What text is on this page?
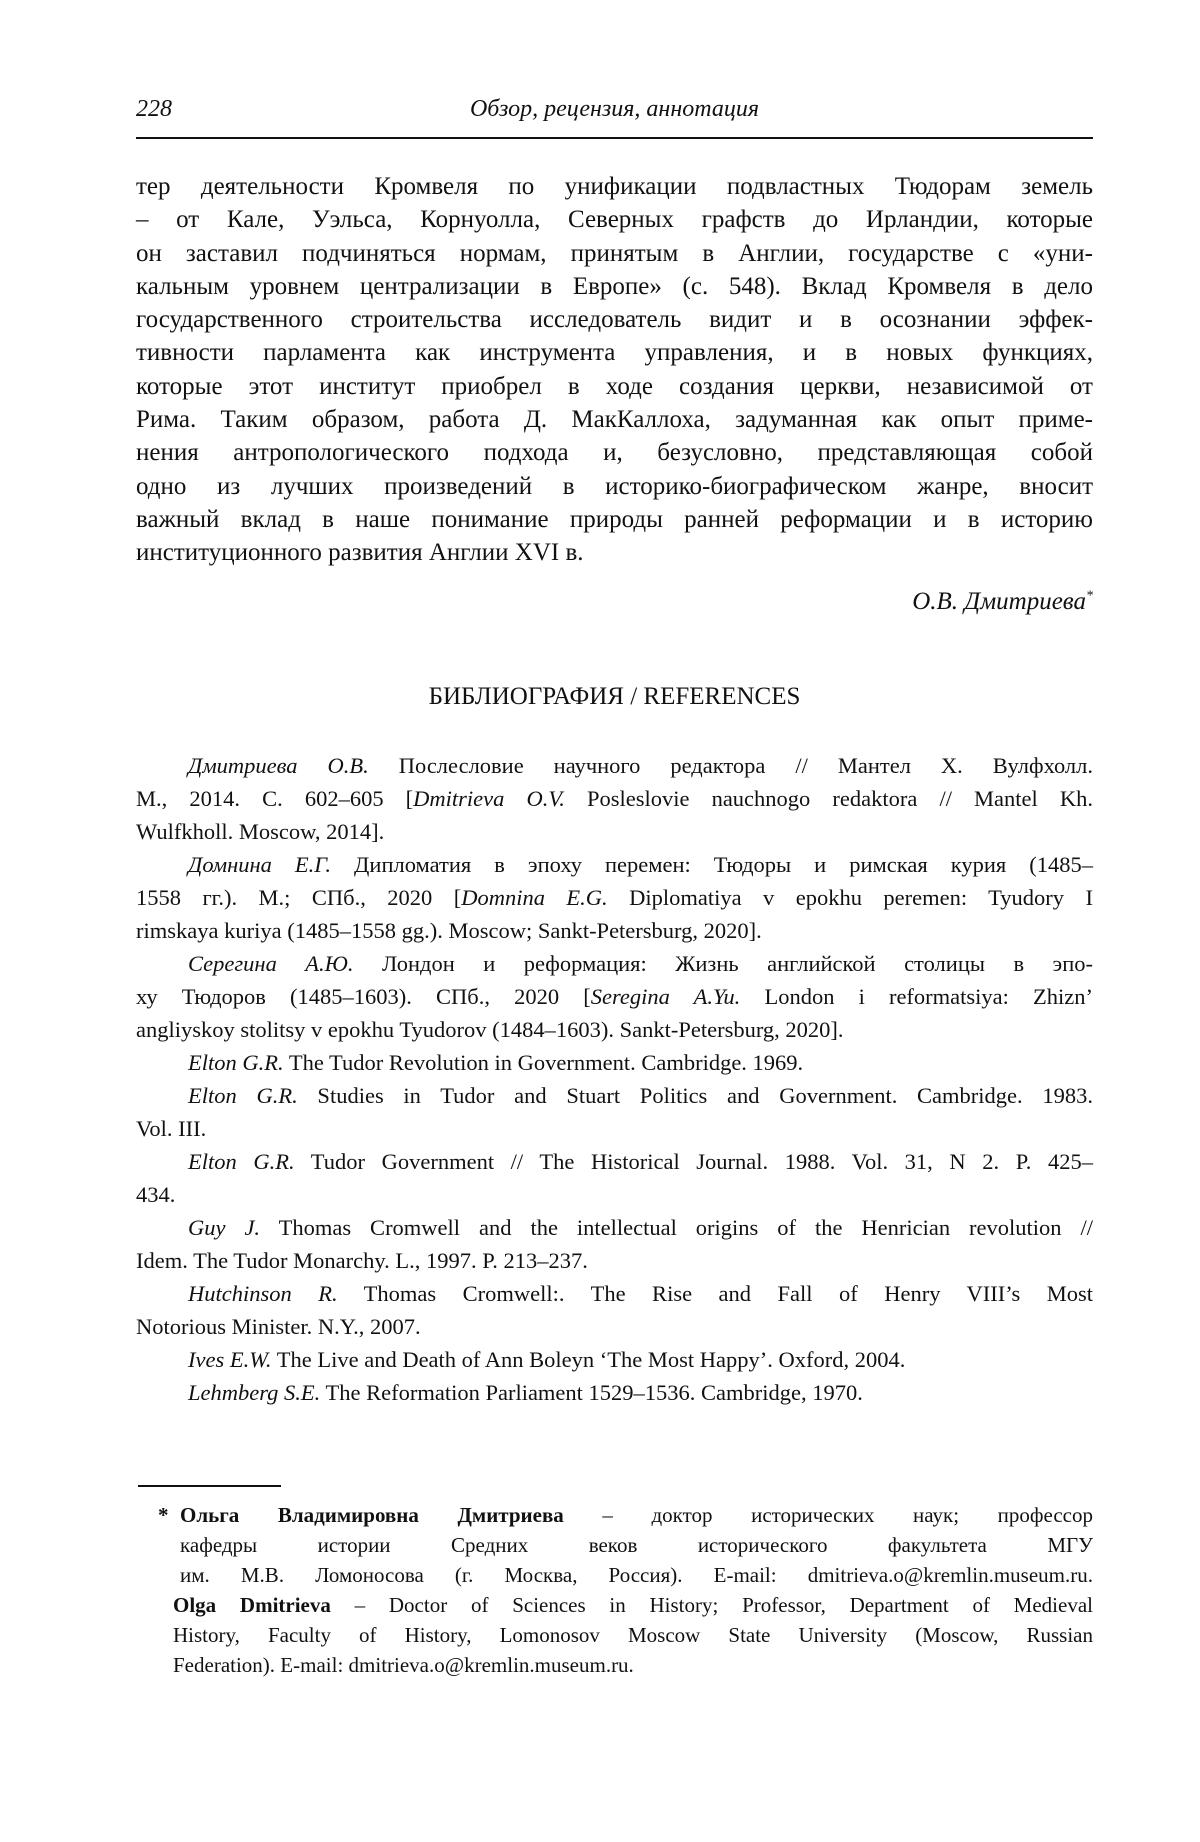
228	Обзор, рецензия, аннотация
тер деятельности Кромвеля по унификации подвластных Тюдорам земель
– от Кале, Уэльса, Корнуолла, Северных графств до Ирландии, которые
он заставил подчиняться нормам, принятым в Англии, государстве с «уни-
кальным уровнем централизации в Европе» (с. 548). Вклад Кромвеля в дело
государственного строительства исследователь видит и в осознании эффек-
тивности парламента как инструмента управления, и в новых функциях,
которые этот институт приобрел в ходе создания церкви, независимой от
Рима. Таким образом, работа Д. МакКаллоха, задуманная как опыт приме-
нения антропологического подхода и, безусловно, представляющая собой
одно из лучших произведений в историко-биографическом жанре, вносит
важный вклад в наше понимание природы ранней реформации и в историю
институционного развития Англии XVI в.
О.В. Дмитриева*
БИБЛИОГРАФИЯ / REFERENCES
Дмитриева О.В. Послесловие научного редактора // Мантел Х. Вулфхолл.
М., 2014. С. 602–605 [Dmitrieva O.V. Posleslovie nauchnogo redaktora // Mantel Kh.
Wulfkholl. Moscow, 2014].
Домнина Е.Г. Дипломатия в эпоху перемен: Тюдоры и римская курия (1485–
1558 гг.). М.; СПб., 2020 [Domnina E.G. Diplomatiya v epokhu peremen: Tyudory I
rimskaya kuriya (1485–1558 gg.). Moscow; Sankt-Petersburg, 2020].
Серегина А.Ю. Лондон и реформация: Жизнь английской столицы в эпо-
ху Тюдоров (1485–1603). СПб., 2020 [Seregina A.Yu. London i reformatsiya: Zhizn’
angliyskoy stolitsy v epokhu Tyudorov (1484–1603). Sankt-Petersburg, 2020].
Elton G.R. The Tudor Revolution in Government. Cambridge. 1969.
Elton G.R. Studies in Tudor and Stuart Politics and Government. Cambridge. 1983.
Vol. III.
Elton G.R. Tudor Government // The Historical Journal. 1988. Vol. 31, N 2. P. 425–
434.
Guy J. Thomas Cromwell and the intellectual origins of the Henrician revolution //
Idem. The Tudor Monarchy. L., 1997. P. 213–237.
Hutchinson R. Thomas Cromwell:. The Rise and Fall of Henry VIII’s Most
Notorious Minister. N.Y., 2007.
Ives E.W. The Live and Death of Ann Boleyn ‘The Most Happy’. Oxford, 2004.
Lehmberg S.E. The Reformation Parliament 1529–1536. Cambridge, 1970.
* Ольга Владимировна Дмитриева – доктор исторических наук; профессор
кафедры истории Средних веков исторического факультета МГУ
им. М.В. Ломоносова (г. Москва, Россия). E-mail: dmitrieva.o@kremlin.museum.ru.
Olga Dmitrieva – Doctor of Sciences in History; Professor, Department of Medieval
History, Faculty of History, Lomonosov Moscow State University (Moscow, Russian
Federation). E-mail: dmitrieva.o@kremlin.museum.ru.
